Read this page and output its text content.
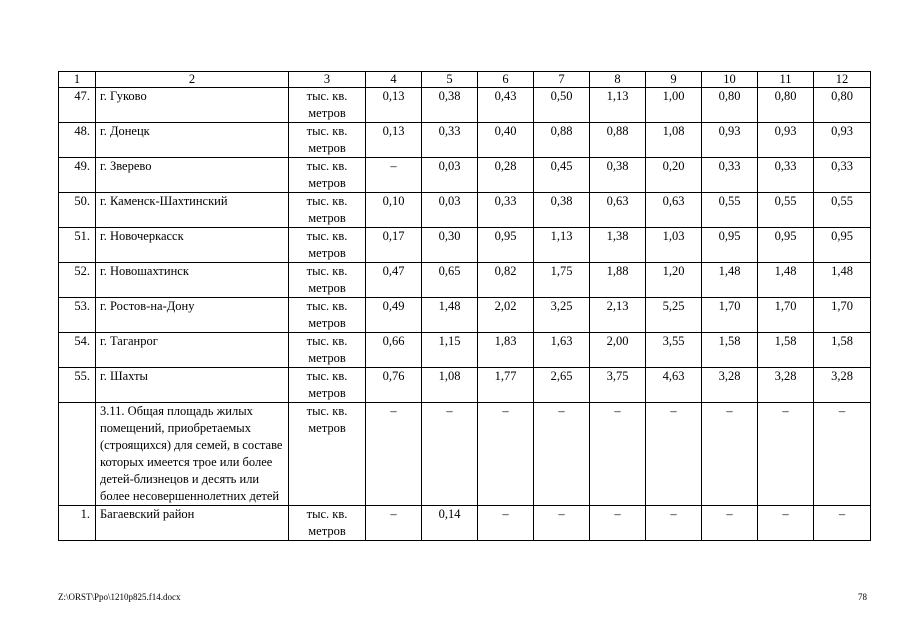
1	2	3	4	5	6	7	8	9	10	11	12
47.	г. Гуково	тыс. кв. метров	0,13	0,38	0,43	0,50	1,13	1,00	0,80	0,80	0,80
48.	г. Донецк	тыс. кв. метров	0,13	0,33	0,40	0,88	0,88	1,08	0,93	0,93	0,93
49.	г. Зверево	тыс. кв. метров	–	0,03	0,28	0,45	0,38	0,20	0,33	0,33	0,33
50.	г. Каменск-Шахтинский	тыс. кв. метров	0,10	0,03	0,33	0,38	0,63	0,63	0,55	0,55	0,55
51.	г. Новочеркасск	тыс. кв. метров	0,17	0,30	0,95	1,13	1,38	1,03	0,95	0,95	0,95
52.	г. Новошахтинск	тыс. кв. метров	0,47	0,65	0,82	1,75	1,88	1,20	1,48	1,48	1,48
53.	г. Ростов-на-Дону	тыс. кв. метров	0,49	1,48	2,02	3,25	2,13	5,25	1,70	1,70	1,70
54.	г. Таганрог	тыс. кв. метров	0,66	1,15	1,83	1,63	2,00	3,55	1,58	1,58	1,58
55.	г. Шахты	тыс. кв. метров	0,76	1,08	1,77	2,65	3,75	4,63	3,28	3,28	3,28
	3.11. Общая площадь жилых помещений, приобретаемых (строящихся) для семей, в составе которых имеется трое или более детей-близнецов и десять или более несовершеннолетних детей	тыс. кв. метров	–	–	–	–	–	–	–	–	–
1.	Багаевский район	тыс. кв. метров	–	0,14	–	–	–	–	–	–	–
Z:\ORST\Ppo\1210p825.f14.docx	78
